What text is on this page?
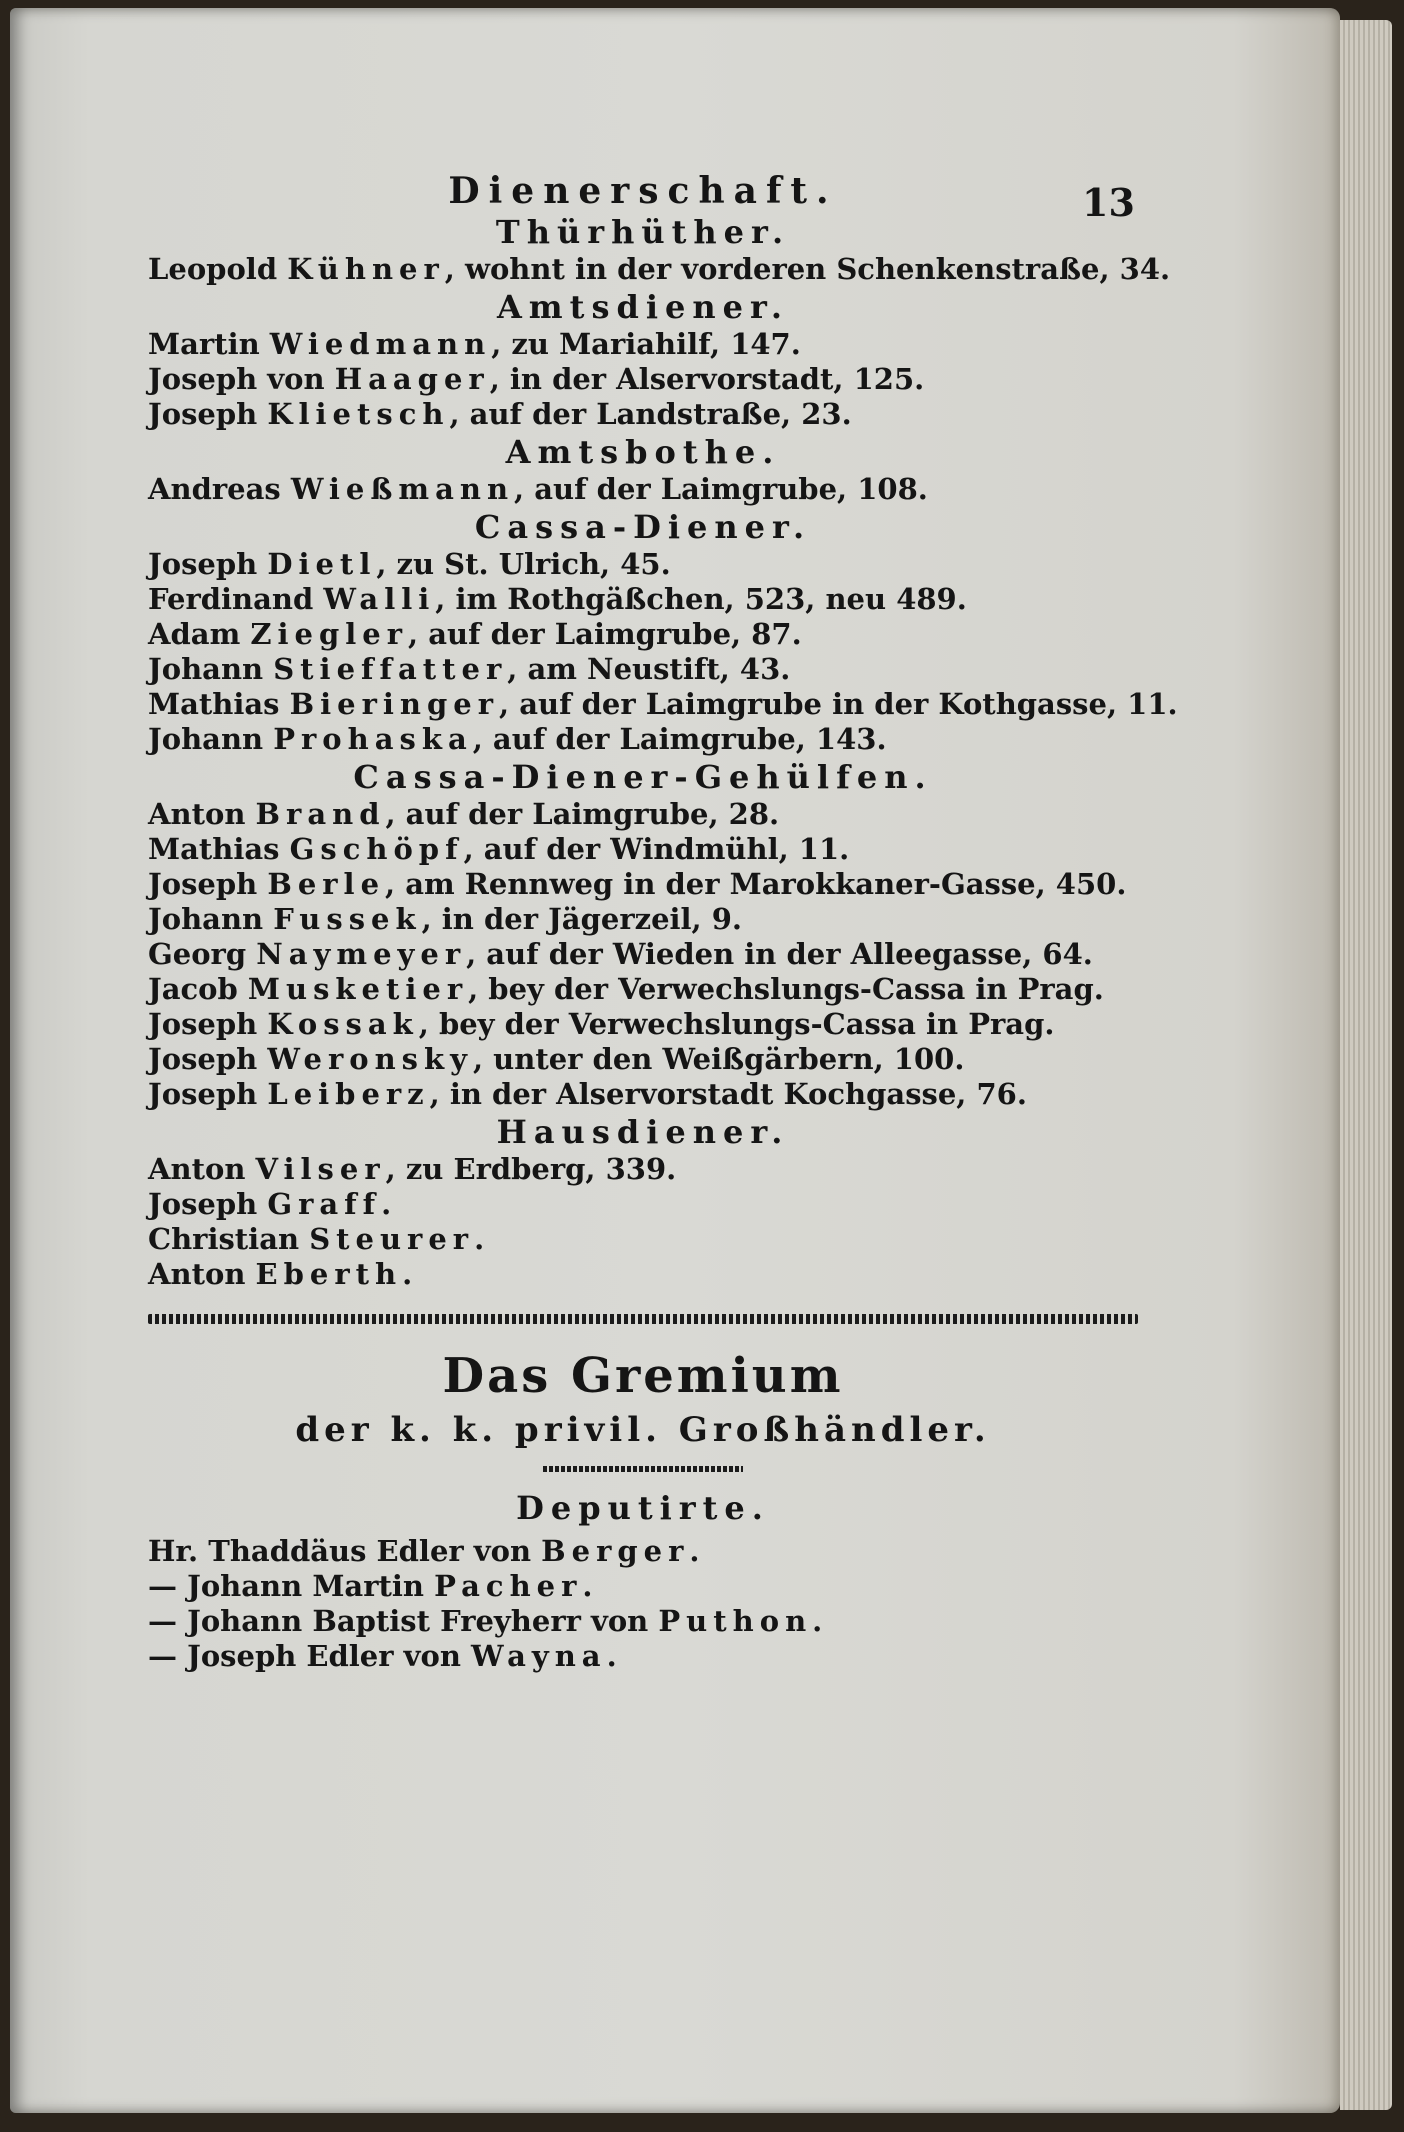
13

Dienerschaft.

Thürhüther.

Leopold Kühner, wohnt in der vorderen Schenkenstraße, 34.

Amtsdiener.

Martin Wiedmann, zu Mariahilf, 147.

Joseph von Haager, in der Alservorstadt, 125.

Joseph Klietsch, auf der Landstraße, 23.

Amtsbothe.

Andreas Wießmann, auf der Laimgrube, 108.

Cassa-Diener.

Joseph Dietl, zu St. Ulrich, 45.

Ferdinand Walli, im Rothgäßchen, 523, neu 489.

Adam Ziegler, auf der Laimgrube, 87.

Johann Stieffatter, am Neustift, 43.

Mathias Bieringer, auf der Laimgrube in der Kothgasse, 11.

Johann Prohaska, auf der Laimgrube, 143.

Cassa-Diener-Gehülfen.

Anton Brand, auf der Laimgrube, 28.

Mathias Gschöpf, auf der Windmühl, 11.

Joseph Berle, am Rennweg in der Marokkaner-Gasse, 450.

Johann Fussek, in der Jägerzeil, 9.

Georg Naymeyer, auf der Wieden in der Alleegasse, 64.

Jacob Musketier, bey der Verwechslungs-Cassa in Prag.

Joseph Kossak, bey der Verwechslungs-Cassa in Prag.

Joseph Weronsky, unter den Weißgärbern, 100.

Joseph Leiberz, in der Alservorstadt Kochgasse, 76.

Hausdiener.

Anton Vilser, zu Erdberg, 339.

Joseph Graff.

Christian Steurer.

Anton Eberth.

Das Gremium

der k. k. privil. Großhändler.

Deputirte.

Hr. Thaddäus Edler von Berger.

— Johann Martin Pacher.

— Johann Baptist Freyherr von Puthon.

— Joseph Edler von Wayna.
